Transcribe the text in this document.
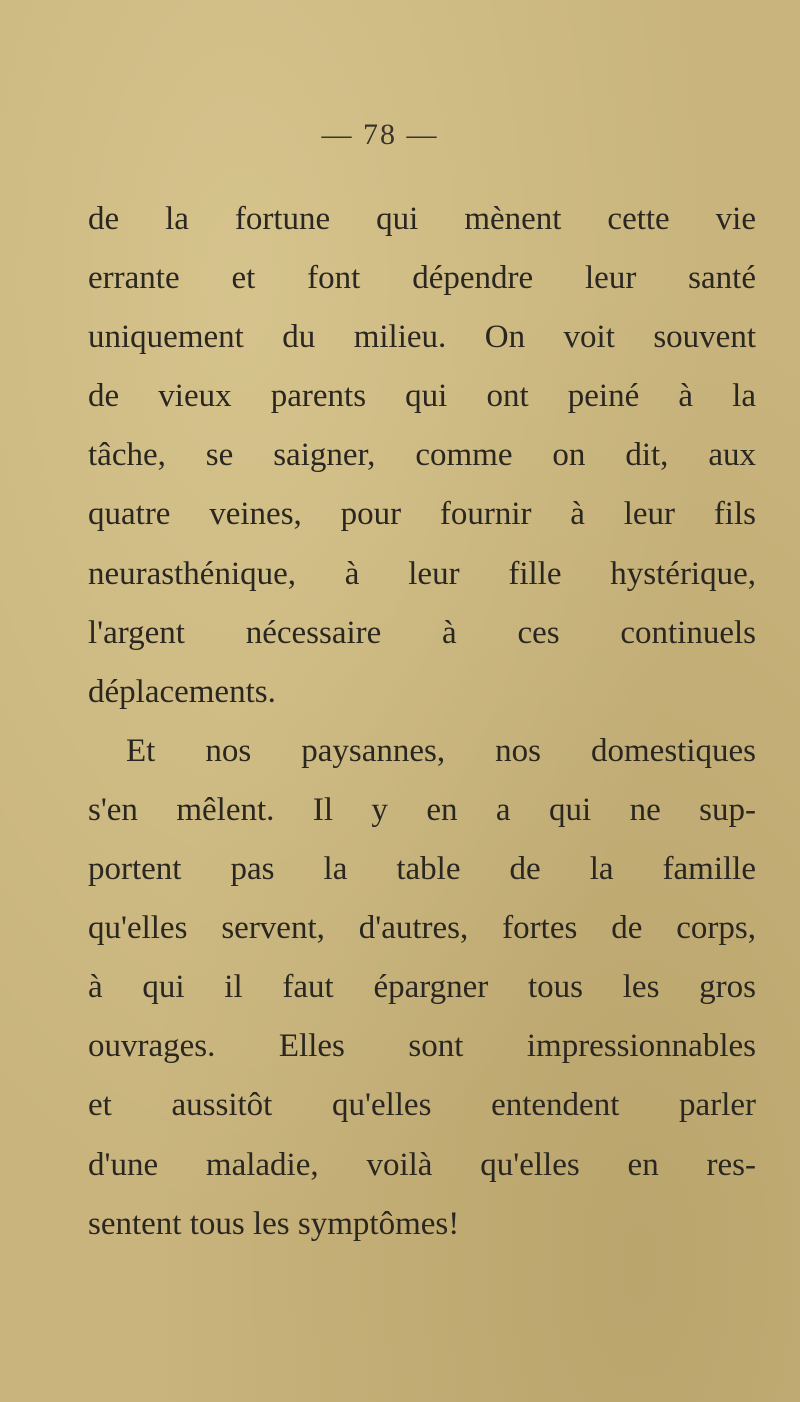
— 78 —
de la fortune qui mènent cette vie
errante et font dépendre leur santé
uniquement du milieu. On voit souvent
de vieux parents qui ont peiné à la
tâche, se saigner, comme on dit, aux
quatre veines, pour fournir à leur fils
neurasthénique, à leur fille hystérique,
l'argent nécessaire à ces continuels
déplacements.
Et nos paysannes, nos domestiques
s'en mêlent. Il y en a qui ne sup-
portent pas la table de la famille
qu'elles servent, d'autres, fortes de corps,
à qui il faut épargner tous les gros
ouvrages. Elles sont impressionnables
et aussitôt qu'elles entendent parler
d'une maladie, voilà qu'elles en res-
sentent tous les symptômes!
